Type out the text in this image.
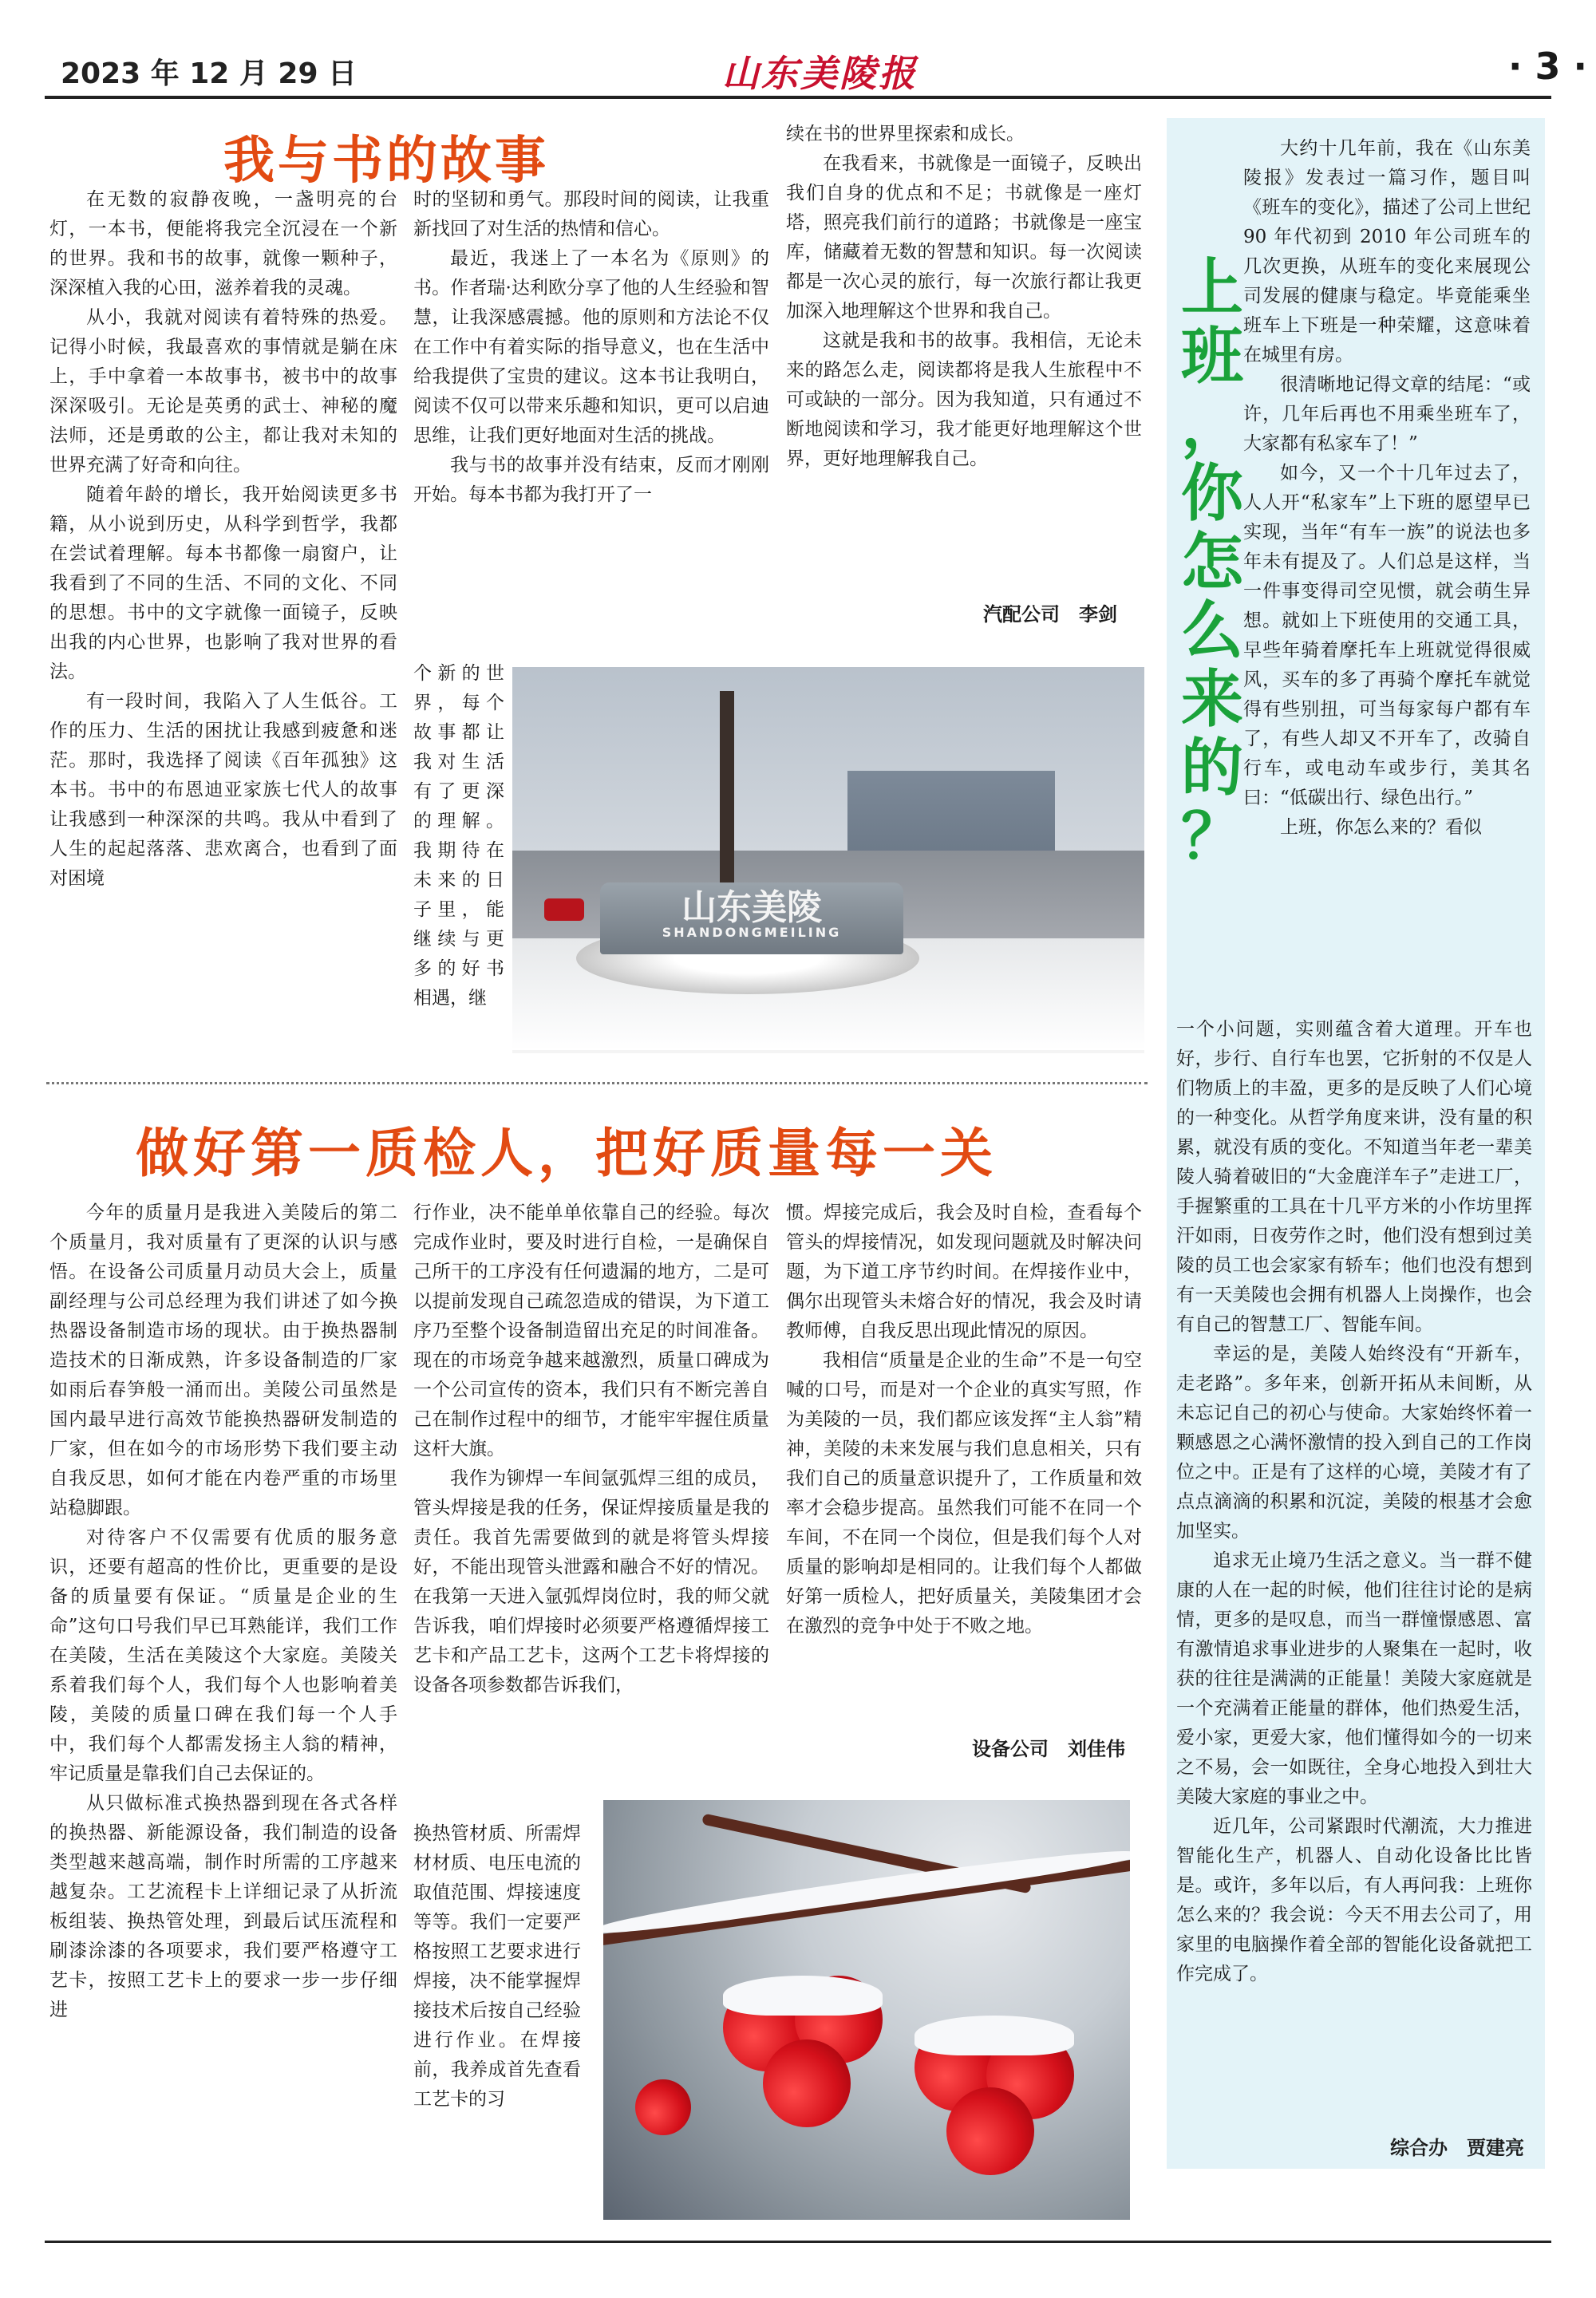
2023 年 12 月 29 日	山东美陵报	· 3 ·
我与书的故事

在无数的寂静夜晚，一盏明亮的台灯，一本书，便能将我完全沉浸在一个新的世界。我和书的故事，就像一颗种子，深深植入我的心田，滋养着我的灵魂。

从小，我就对阅读有着特殊的热爱。记得小时候，我最喜欢的事情就是躺在床上，手中拿着一本故事书，被书中的故事深深吸引。无论是英勇的武士、神秘的魔法师，还是勇敢的公主，都让我对未知的世界充满了好奇和向往。

随着年龄的增长，我开始阅读更多书籍，从小说到历史，从科学到哲学，我都在尝试着理解。每本书都像一扇窗户，让我看到了不同的生活、不同的文化、不同的思想。书中的文字就像一面镜子，反映出我的内心世界，也影响了我对世界的看法。

有一段时间，我陷入了人生低谷。工作的压力、生活的困扰让我感到疲惫和迷茫。那时，我选择了阅读《百年孤独》这本书。书中的布恩迪亚家族七代人的故事让我感到一种深深的共鸣。我从中看到了人生的起起落落、悲欢离合，也看到了面对困境

时的坚韧和勇气。那段时间的阅读，让我重新找回了对生活的热情和信心。

最近，我迷上了一本名为《原则》的书。作者瑞·达利欧分享了他的人生经验和智慧，让我深感震撼。他的原则和方法论不仅在工作中有着实际的指导意义，也在生活中给我提供了宝贵的建议。这本书让我明白，阅读不仅可以带来乐趣和知识，更可以启迪思维，让我们更好地面对生活的挑战。

我与书的故事并没有结束，反而才刚刚开始。每本书都为我打开了一

个新的世界，每个故事都让我对生活有了更深的理解。我期待在未来的日子里，能继续与更多的好书相遇，继

续在书的世界里探索和成长。

在我看来，书就像是一面镜子，反映出我们自身的优点和不足；书就像是一座灯塔，照亮我们前行的道路；书就像是一座宝库，储藏着无数的智慧和知识。每一次阅读都是一次心灵的旅行，每一次旅行都让我更加深入地理解这个世界和我自己。

这就是我和书的故事。我相信，无论未来的路怎么走，阅读都将是我人生旅程中不可或缺的一部分。因为我知道，只有通过不断地阅读和学习，我才能更好地理解这个世界，更好地理解我自己。

汽配公司　李剑
山东美陵
SHANDONGMEILING
做好第一质检人，把好质量每一关

今年的质量月是我进入美陵后的第二个质量月，我对质量有了更深的认识与感悟。在设备公司质量月动员大会上，质量副经理与公司总经理为我们讲述了如今换热器设备制造市场的现状。由于换热器制造技术的日渐成熟，许多设备制造的厂家如雨后春笋般一涌而出。美陵公司虽然是国内最早进行高效节能换热器研发制造的厂家，但在如今的市场形势下我们要主动自我反思，如何才能在内卷严重的市场里站稳脚跟。

对待客户不仅需要有优质的服务意识，还要有超高的性价比，更重要的是设备的质量要有保证。“质量是企业的生命”这句口号我们早已耳熟能详，我们工作在美陵，生活在美陵这个大家庭。美陵关系着我们每个人，我们每个人也影响着美陵，美陵的质量口碑在我们每一个人手中，我们每个人都需发扬主人翁的精神，牢记质量是靠我们自己去保证的。

从只做标准式换热器到现在各式各样的换热器、新能源设备，我们制造的设备类型越来越高端，制作时所需的工序越来越复杂。工艺流程卡上详细记录了从折流板组装、换热管处理，到最后试压流程和刷漆涂漆的各项要求，我们要严格遵守工艺卡，按照工艺卡上的要求一步一步仔细进

行作业，决不能单单依靠自己的经验。每次完成作业时，要及时进行自检，一是确保自己所干的工序没有任何遗漏的地方，二是可以提前发现自己疏忽造成的错误，为下道工序乃至整个设备制造留出充足的时间准备。现在的市场竞争越来越激烈，质量口碑成为一个公司宣传的资本，我们只有不断完善自己在制作过程中的细节，才能牢牢握住质量这杆大旗。

我作为铆焊一车间氩弧焊三组的成员，管头焊接是我的任务，保证焊接质量是我的责任。我首先需要做到的就是将管头焊接好，不能出现管头泄露和融合不好的情况。在我第一天进入氩弧焊岗位时，我的师父就告诉我，咱们焊接时必须要严格遵循焊接工艺卡和产品工艺卡，这两个工艺卡将焊接的设备各项参数都告诉我们，

换热管材质、所需焊材材质、电压电流的取值范围、焊接速度等等。我们一定要严格按照工艺要求进行焊接，决不能掌握焊接技术后按自己经验进行作业。在焊接前，我养成首先查看工艺卡的习

惯。焊接完成后，我会及时自检，查看每个管头的焊接情况，如发现问题就及时解决问题，为下道工序节约时间。在焊接作业中，偶尔出现管头未熔合好的情况，我会及时请教师傅，自我反思出现此情况的原因。

我相信“质量是企业的生命”不是一句空喊的口号，而是对一个企业的真实写照，作为美陵的一员，我们都应该发挥“主人翁”精神，美陵的未来发展与我们息息相关，只有我们自己的质量意识提升了，工作质量和效率才会稳步提高。虽然我们可能不在同一个车间，不在同一个岗位，但是我们每个人对质量的影响却是相同的。让我们每个人都做好第一质检人，把好质量关，美陵集团才会在激烈的竞争中处于不败之地。

设备公司　刘佳伟
上
班
，
你
怎
么
来
的
？

大约十几年前，我在《山东美陵报》发表过一篇习作，题目叫《班车的变化》，描述了公司上世纪 90 年代初到 2010 年公司班车的几次更换，从班车的变化来展现公司发展的健康与稳定。毕竟能乘坐班车上下班是一种荣耀，这意味着在城里有房。

很清晰地记得文章的结尾：“或许，几年后再也不用乘坐班车了，大家都有私家车了！”

如今，又一个十几年过去了，人人开“私家车”上下班的愿望早已实现，当年“有车一族”的说法也多年未有提及了。人们总是这样，当一件事变得司空见惯，就会萌生异想。就如上下班使用的交通工具，早些年骑着摩托车上班就觉得很威风，买车的多了再骑个摩托车就觉得有些别扭，可当每家每户都有车了，有些人却又不开车了，改骑自行车，或电动车或步行，美其名曰：“低碳出行、绿色出行。”

上班，你怎么来的？看似

一个小问题，实则蕴含着大道理。开车也好，步行、自行车也罢，它折射的不仅是人们物质上的丰盈，更多的是反映了人们心境的一种变化。从哲学角度来讲，没有量的积累，就没有质的变化。不知道当年老一辈美陵人骑着破旧的“大金鹿洋车子”走进工厂，手握繁重的工具在十几平方米的小作坊里挥汗如雨，日夜劳作之时，他们没有想到过美陵的员工也会家家有轿车；他们也没有想到有一天美陵也会拥有机器人上岗操作，也会有自己的智慧工厂、智能车间。

幸运的是，美陵人始终没有“开新车，走老路”。多年来，创新开拓从未间断，从未忘记自己的初心与使命。大家始终怀着一颗感恩之心满怀激情的投入到自己的工作岗位之中。正是有了这样的心境，美陵才有了点点滴滴的积累和沉淀，美陵的根基才会愈加坚实。

追求无止境乃生活之意义。当一群不健康的人在一起的时候，他们往往讨论的是病情，更多的是叹息，而当一群憧憬感恩、富有激情追求事业进步的人聚集在一起时，收获的往往是满满的正能量！美陵大家庭就是一个充满着正能量的群体，他们热爱生活，爱小家，更爱大家，他们懂得如今的一切来之不易，会一如既往，全身心地投入到壮大美陵大家庭的事业之中。

近几年，公司紧跟时代潮流，大力推进智能化生产，机器人、自动化设备比比皆是。或许，多年以后，有人再问我：上班你怎么来的？我会说：今天不用去公司了，用家里的电脑操作着全部的智能化设备就把工作完成了。

综合办　贾建亮
